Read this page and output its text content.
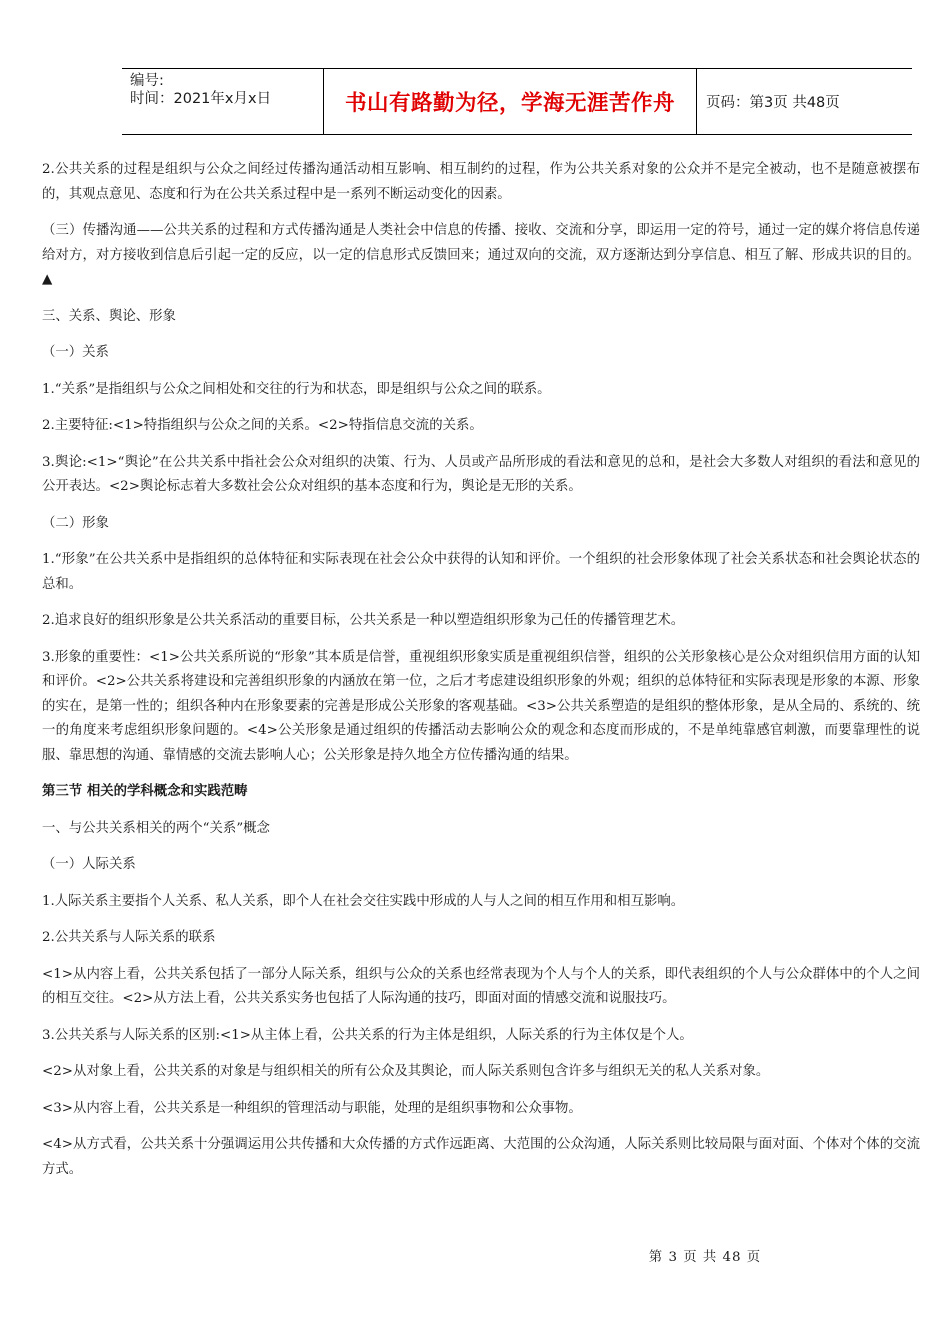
编号:
时间：2021年x月x日	书山有路勤为径，学海无涯苦作舟 页码：第3页 共48页

2.公共关系的过程是组织与公众之间经过传播沟通活动相互影响、相互制约的过程，作为公共关系对象的公众并不是完全被动，也不是随意被摆布的，其观点意见、态度和行为在公共关系过程中是一系列不断运动变化的因素。

（三）传播沟通——公共关系的过程和方式传播沟通是人类社会中信息的传播、接收、交流和分享，即运用一定的符号，通过一定的媒介将信息传递给对方，对方接收到信息后引起一定的反应，以一定的信息形式反馈回来；通过双向的交流，双方逐渐达到分享信息、相互了解、形成共识的目的。▲

三、关系、舆论、形象

（一）关系

1.“关系”是指组织与公众之间相处和交往的行为和状态，即是组织与公众之间的联系。

2.主要特征:<1>特指组织与公众之间的关系。<2>特指信息交流的关系。

3.舆论:<1>“舆论”在公共关系中指社会公众对组织的决策、行为、人员或产品所形成的看法和意见的总和，是社会大多数人对组织的看法和意见的公开表达。<2>舆论标志着大多数社会公众对组织的基本态度和行为，舆论是无形的关系。

（二）形象

1.“形象”在公共关系中是指组织的总体特征和实际表现在社会公众中获得的认知和评价。一个组织的社会形象体现了社会关系状态和社会舆论状态的总和。

2.追求良好的组织形象是公共关系活动的重要目标，公共关系是一种以塑造组织形象为己任的传播管理艺术。

3.形象的重要性：<1>公共关系所说的“形象”其本质是信誉，重视组织形象实质是重视组织信誉，组织的公关形象核心是公众对组织信用方面的认知和评价。<2>公共关系将建设和完善组织形象的内涵放在第一位，之后才考虑建设组织形象的外观；组织的总体特征和实际表现是形象的本源、形象的实在，是第一性的；组织各种内在形象要素的完善是形成公关形象的客观基础。<3>公共关系塑造的是组织的整体形象，是从全局的、系统的、统一的角度来考虑组织形象问题的。<4>公关形象是通过组织的传播活动去影响公众的观念和态度而形成的，不是单纯靠感官刺激，而要靠理性的说服、靠思想的沟通、靠情感的交流去影响人心；公关形象是持久地全方位传播沟通的结果。

第三节 相关的学科概念和实践范畴

一、与公共关系相关的两个“关系”概念

（一）人际关系

1.人际关系主要指个人关系、私人关系，即个人在社会交往实践中形成的人与人之间的相互作用和相互影响。

2.公共关系与人际关系的联系

<1>从内容上看，公共关系包括了一部分人际关系，组织与公众的关系也经常表现为个人与个人的关系，即代表组织的个人与公众群体中的个人之间的相互交往。<2>从方法上看，公共关系实务也包括了人际沟通的技巧，即面对面的情感交流和说服技巧。

3.公共关系与人际关系的区别:<1>从主体上看，公共关系的行为主体是组织，人际关系的行为主体仅是个人。

<2>从对象上看，公共关系的对象是与组织相关的所有公众及其舆论，而人际关系则包含许多与组织无关的私人关系对象。

<3>从内容上看，公共关系是一种组织的管理活动与职能，处理的是组织事物和公众事物。

<4>从方式看，公共关系十分强调运用公共传播和大众传播的方式作远距离、大范围的公众沟通，人际关系则比较局限与面对面、个体对个体的交流方式。

第 3 页 共 48 页
